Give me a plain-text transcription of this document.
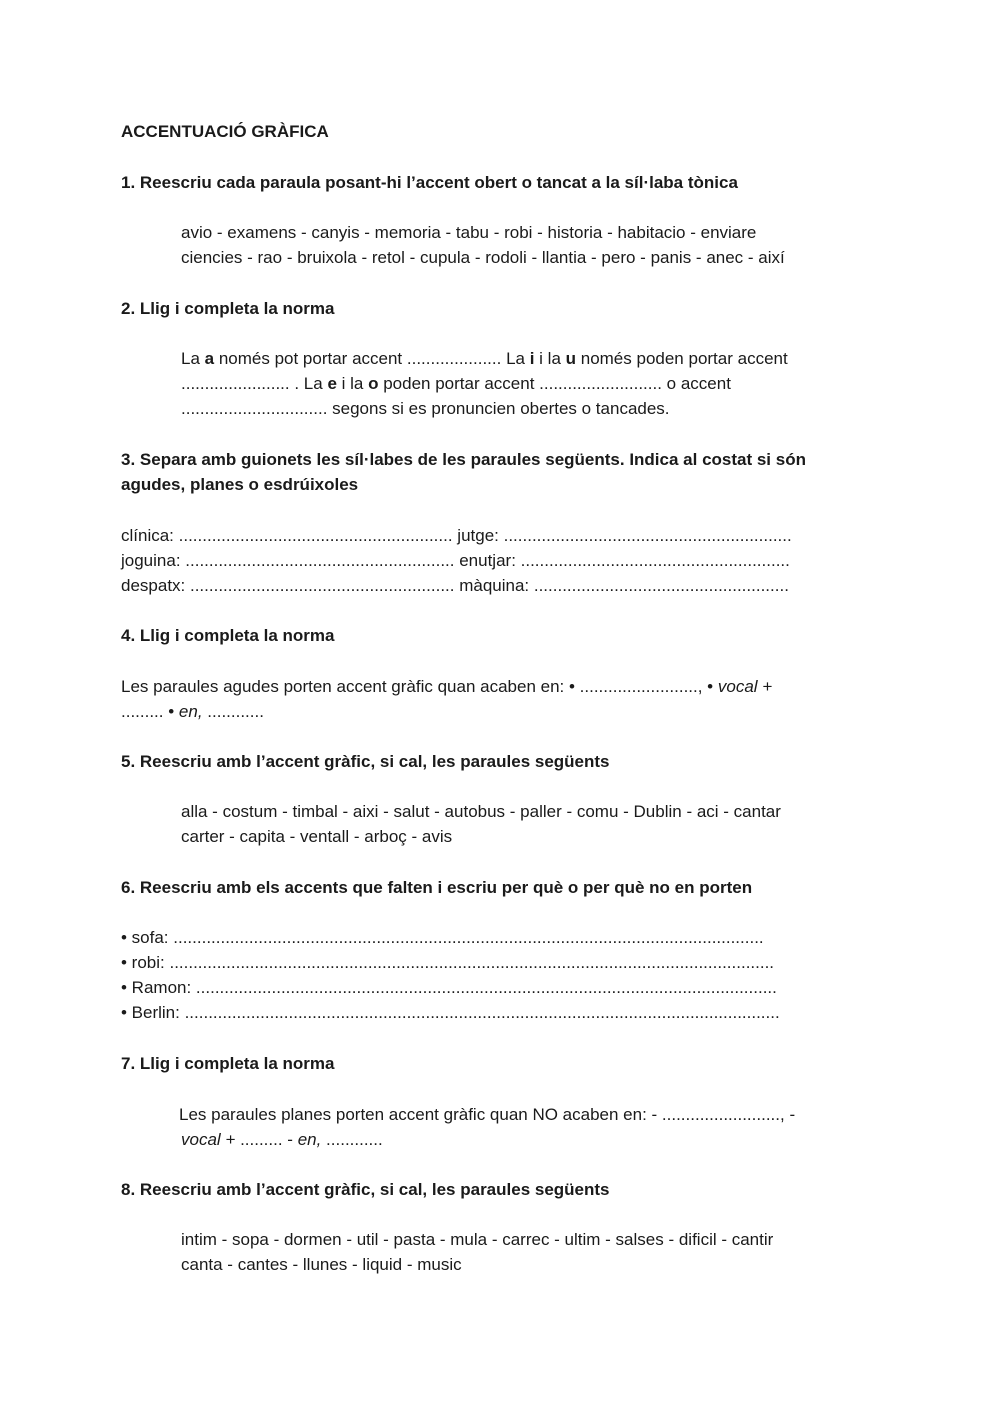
ACCENTUACIÓ GRÀFICA
1. Reescriu cada paraula posant-hi l’accent obert o tancat a la síl·laba tònica
avio - examens - canyis - memoria - tabu - robi - historia - habitacio - enviare
ciencies - rao - bruixola - retol - cupula - rodoli - llantia - pero - panis - anec - així
2. Llig i completa la norma
La a només pot portar accent .................... La i i la u només poden portar accent
....................... . La e i la o poden portar accent .......................... o accent
............................... segons si es pronuncien obertes o tancades.
3. Separa amb guionets les síl·labes de les paraules següents. Indica al costat si són
agudes, planes o esdrúixoles
clínica: .......................................................... jutge: .............................................................
joguina: ......................................................... enutjar: .........................................................
despatx: ........................................................ màquina: ......................................................
4. Llig i completa la norma
Les paraules agudes porten accent gràfic quan acaben en: • ........................., • vocal +
......... • en, ............
5. Reescriu amb l’accent gràfic, si cal, les paraules següents
alla - costum - timbal - aixi - salut - autobus - paller - comu - Dublin - aci - cantar
carter - capita - ventall - arboç - avis
6. Reescriu amb els accents que falten i escriu per què o per què no en porten
• sofa: .............................................................................................................................
• robi: ................................................................................................................................
• Ramon: ...........................................................................................................................
• Berlin: ..............................................................................................................................
7. Llig i completa la norma
Les paraules planes porten accent gràfic quan NO acaben en: - ........................., -
vocal + ......... - en, ............
8. Reescriu amb l’accent gràfic, si cal, les paraules següents
intim - sopa - dormen - util - pasta - mula - carrec - ultim - salses - dificil - cantir
canta - cantes - llunes - liquid - music
